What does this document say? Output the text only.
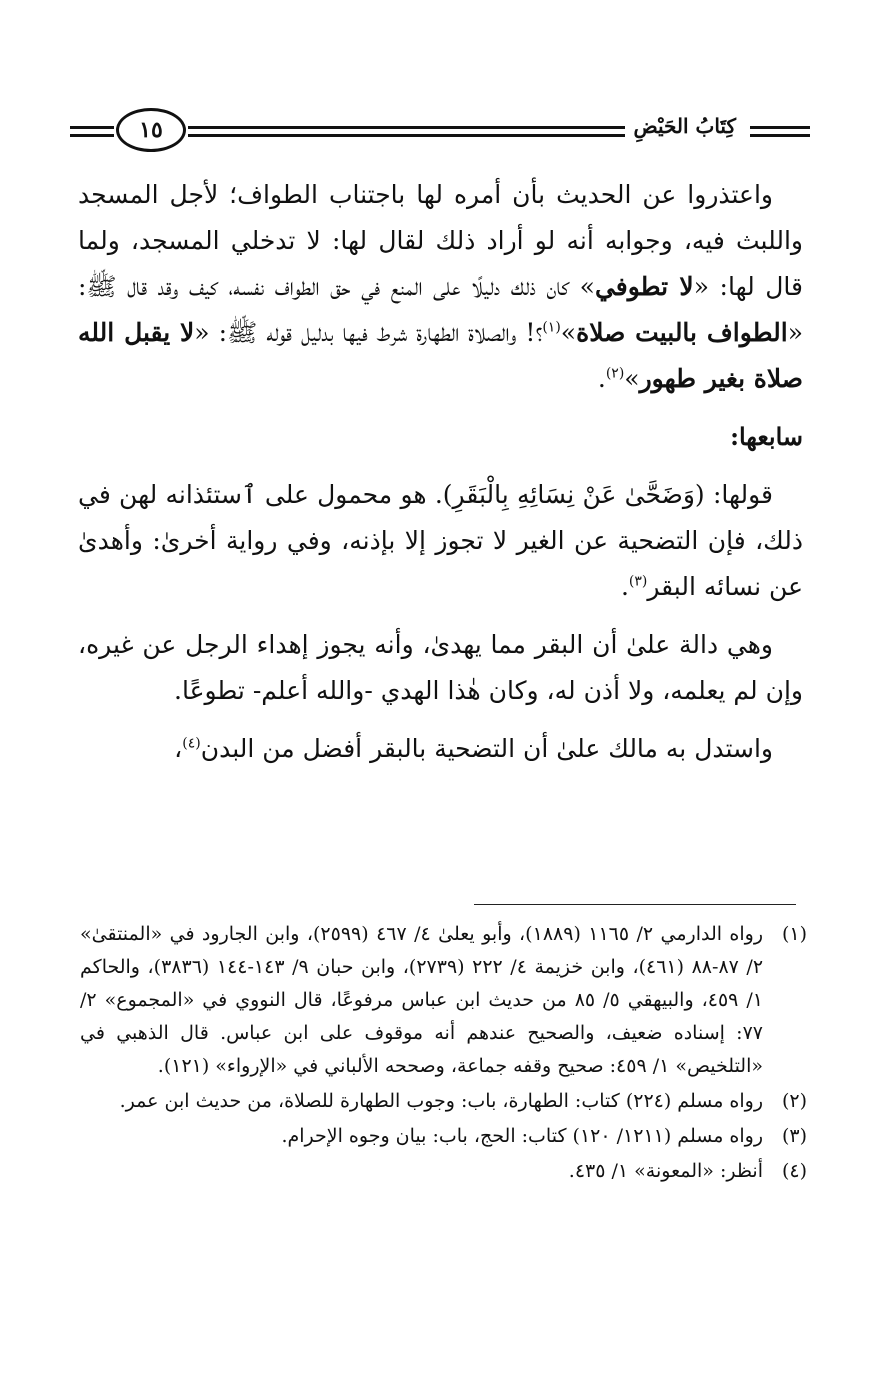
١٥	كِتَابُ الحَيْضِ

واعتذروا عن الحديث بأن أمره لها باجتناب الطواف؛ لأجل المسجد واللبث فيه، وجوابه أنه لو أراد ذلك لقال لها: لا تدخلي المسجد، ولما قال لها: «لا تطوفي» كان ذلك دليلًا على المنع في حق الطواف نفسه، كيف وقد قال ﷺ: «الطواف بالبيت صلاة»$^{(١)}$؟! والصلاة الطهارة شرط فيها بدليل قوله ﷺ: «لا يقبل الله صلاة بغير طهور»$^{(٢)}$.

سابعها:

قولها: (وَضَحَّىٰ عَنْ نِسَائِهِ بِالْبَقَرِ). هو محمول على ٱستئذانه لهن في ذلك، فإن التضحية عن الغير لا تجوز إلا بإذنه، وفي رواية أخرىٰ: وأهدىٰ عن نسائه البقر$^{(٣)}$.

وهي دالة علىٰ أن البقر مما يهدىٰ، وأنه يجوز إهداء الرجل عن غيره، وإن لم يعلمه، ولا أذن له، وكان هٰذا الهدي -والله أعلم- تطوعًا.

واستدل به مالك علىٰ أن التضحية بالبقر أفضل من البدن$^{(٤)}$،

(١)
رواه الدارمي ٢/ ١١٦٥ (١٨٨٩)، وأبو يعلىٰ ٤/ ٤٦٧ (٢٥٩٩)، وابن الجارود في «المنتقىٰ» ٢/ ٨٧-٨٨ (٤٦١)، وابن خزيمة ٤/ ٢٢٢ (٢٧٣٩)، وابن حبان ٩/ ١٤٣-١٤٤ (٣٨٣٦)، والحاكم ١/ ٤٥٩، والبيهقي ٥/ ٨٥ من حديث ابن عباس مرفوعًا، قال النووي في «المجموع» ٢/ ٧٧: إسناده ضعيف، والصحيح عندهم أنه موقوف على ابن عباس. قال الذهبي في «التلخيص» ١/ ٤٥٩: صحيح وقفه جماعة، وصححه الألباني في «الإرواء» (١٢١).
(٢)
رواه مسلم (٢٢٤) كتاب: الطهارة، باب: وجوب الطهارة للصلاة، من حديث ابن عمر.
(٣)
رواه مسلم (١٢١١/ ١٢٠) كتاب: الحج، باب: بيان وجوه الإحرام.
(٤)
أنظر: «المعونة» ١/ ٤٣٥.
